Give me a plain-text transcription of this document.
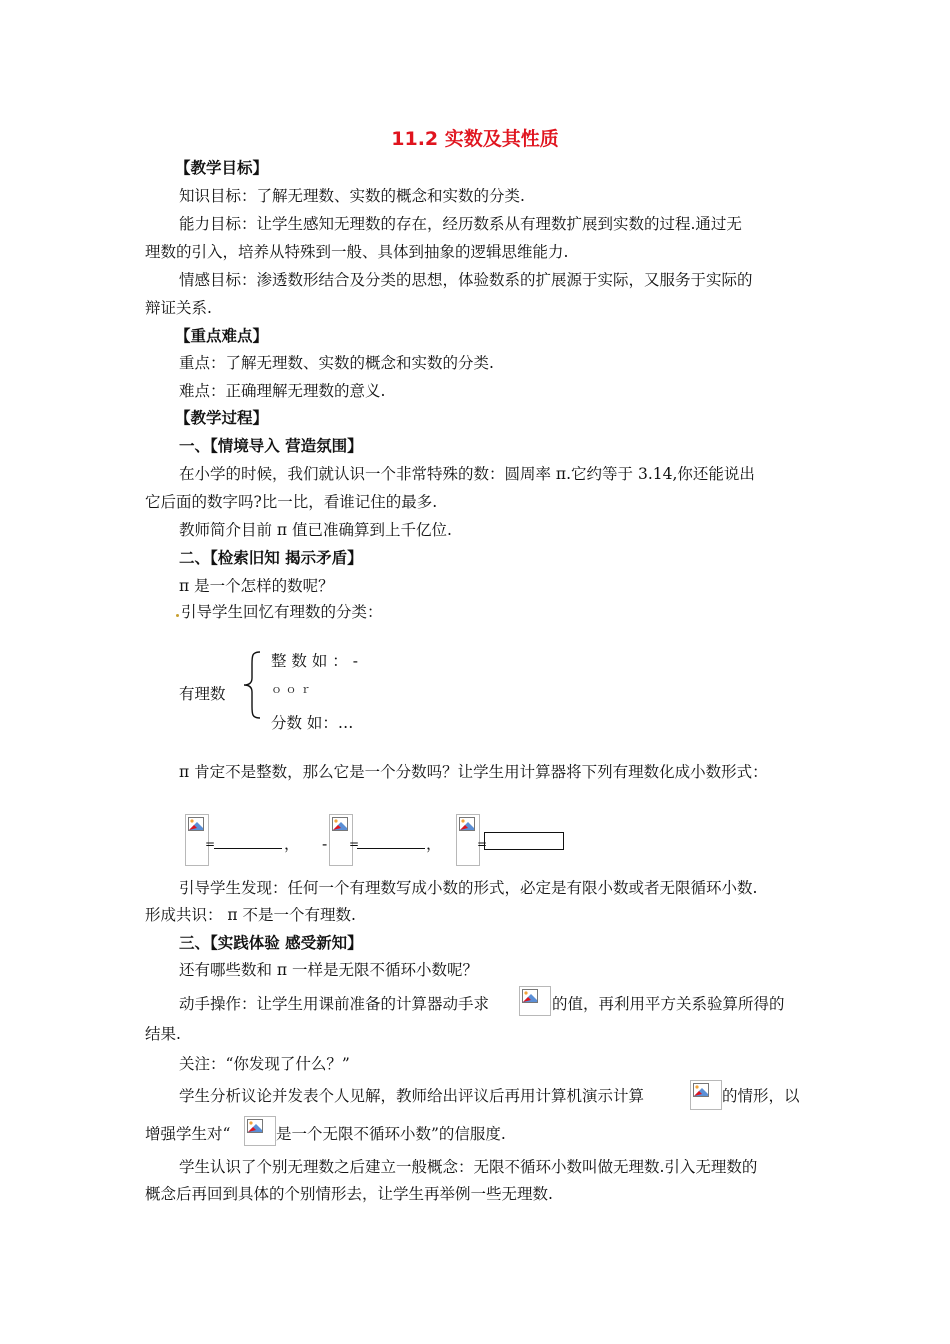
11.2 实数及其性质
【教学目标】
知识目标：了解无理数、实数的概念和实数的分类.
能力目标：让学生感知无理数的存在，经历数系从有理数扩展到实数的过程.通过无
理数的引入，培养从特殊到一般、具体到抽象的逻辑思维能力.
情感目标：渗透数形结合及分类的思想，体验数系的扩展源于实际，又服务于实际的
辩证关系.
【重点难点】
重点：了解无理数、实数的概念和实数的分类.
难点：正确理解无理数的意义.
【教学过程】
一、【情境导入 营造氛围】
在小学的时候，我们就认识一个非常特殊的数：圆周率 π.它约等于 3.14,你还能说出
它后面的数字吗?比一比，看谁记住的最多.
教师简介目前 π 值已准确算到上千亿位.
二、【检索旧知 揭示矛盾】
π 是一个怎样的数呢？
引导学生回忆有理数的分类：
有理数
整 数 如 ： -
ｏ ｏ ｒ
分数 如：…
π 肯定不是整数，那么它是一个分数吗？让学生用计算器将下列有理数化成小数形式：
=	， - =	，	=
引导学生发现：任何一个有理数写成小数的形式，必定是有限小数或者无限循环小数.
形成共识： π 不是一个有理数.
三、【实践体验 感受新知】
还有哪些数和 π 一样是无限不循环小数呢？
动手操作：让学生用课前准备的计算器动手求	的值，再利用平方关系验算所得的
结果.
关注：“你发现了什么？”
学生分析议论并发表个人见解，教师给出评议后再用计算机演示计算	的情形，以
增强学生对“	是一个无限不循环小数”的信服度.
学生认识了个别无理数之后建立一般概念：无限不循环小数叫做无理数.引入无理数的
概念后再回到具体的个别情形去，让学生再举例一些无理数.
